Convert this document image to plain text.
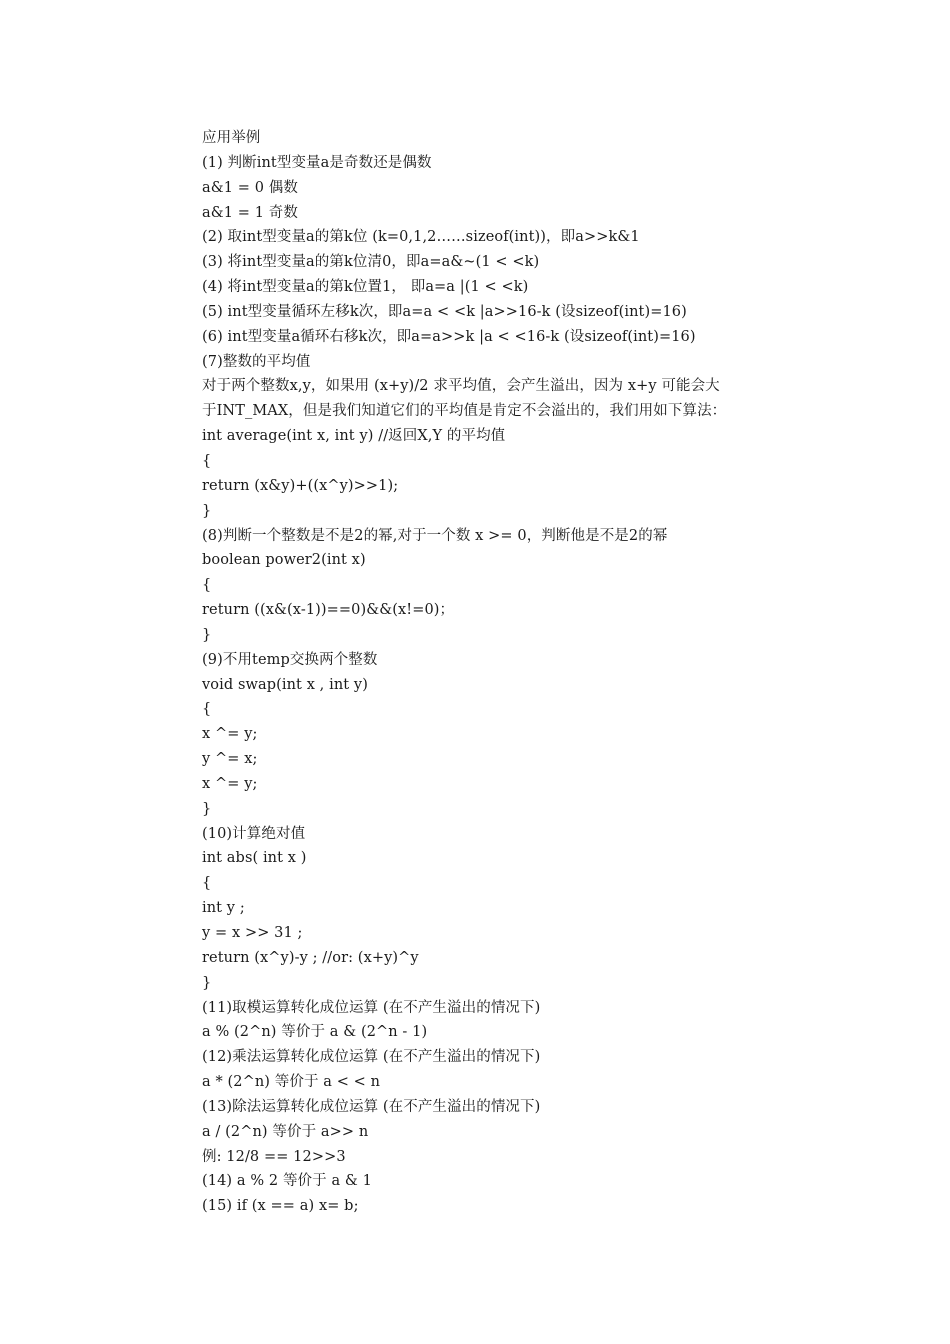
应用举例
(1) 判断int型变量a是奇数还是偶数
a&1 = 0 偶数
a&1 = 1 奇数
(2) 取int型变量a的第k位 (k=0,1,2……sizeof(int))，即a>>k&1
(3) 将int型变量a的第k位清0，即a=a&~(1 < <k)
(4) 将int型变量a的第k位置1， 即a=a |(1 < <k)
(5) int型变量循环左移k次，即a=a < <k |a>>16-k (设sizeof(int)=16)
(6) int型变量a循环右移k次，即a=a>>k |a < <16-k (设sizeof(int)=16)
(7)整数的平均值
对于两个整数x,y，如果用 (x+y)/2 求平均值，会产生溢出，因为 x+y 可能会大
于INT_MAX，但是我们知道它们的平均值是肯定不会溢出的，我们用如下算法：
int average(int x, int y) //返回X,Y 的平均值
{
return (x&y)+((x^y)>>1);
}
(8)判断一个整数是不是2的幂,对于一个数 x >= 0，判断他是不是2的幂
boolean power2(int x)
{
return ((x&(x-1))==0)&&(x!=0)；
}
(9)不用temp交换两个整数
void swap(int x , int y)
{
x ^= y;
y ^= x;
x ^= y;
}
(10)计算绝对值
int abs( int x )
{
int y ;
y = x >> 31 ;
return (x^y)-y ; //or: (x+y)^y
}
(11)取模运算转化成位运算 (在不产生溢出的情况下)
a % (2^n) 等价于 a & (2^n - 1)
(12)乘法运算转化成位运算 (在不产生溢出的情况下)
a * (2^n) 等价于 a < < n
(13)除法运算转化成位运算 (在不产生溢出的情况下)
a / (2^n) 等价于 a>> n
例: 12/8 == 12>>3
(14) a % 2 等价于 a & 1
(15) if (x == a) x= b;
